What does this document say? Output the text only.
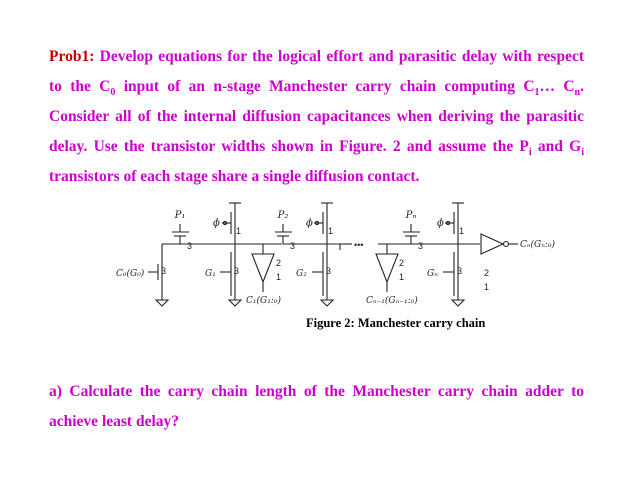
Prob1: Develop equations for the logical effort and parasitic delay with respect to the $C_0$ input of an n-stage Manchester carry chain computing $C_1\dots$ $C_n$. Consider all of the internal diffusion capacitances when deriving the parasitic delay. Use the transistor widths shown in Figure. 2 and assume the $P_i$ and $G_i$ transistors of each stage share a single diffusion contact.

P₁	P₂	Pₙ
ϕ	ϕ	ϕ
C₀(G₀)	G₁	G₂	Gₙ
C₁(G₁:₀)	Cₙ₋₁(Gₙ₋₁:₀)
Cₙ(Gₙ:₀)
3
1
3	3
3
1
3
3
1
3
2
1
2
1	2
1
•••
Figure 2: Manchester carry chain

a) Calculate the carry chain length of the Manchester carry chain adder to achieve least delay?
